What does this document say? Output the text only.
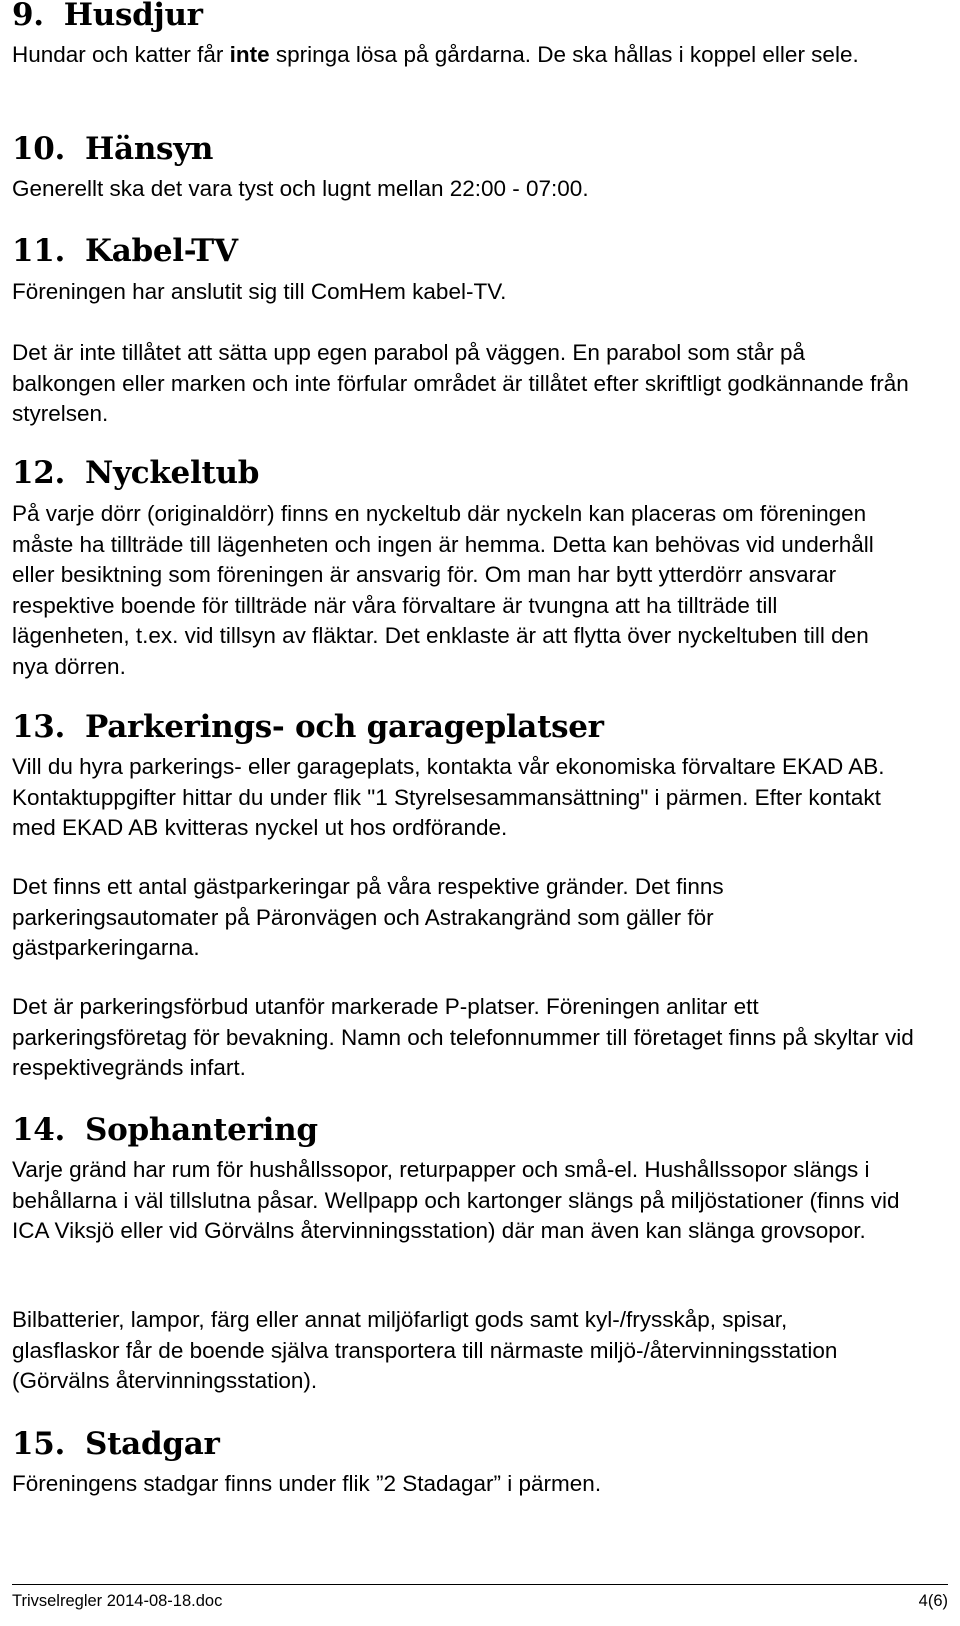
9. Husdjur

Hundar och katter får inte springa lösa på gårdarna. De ska hållas i koppel eller sele.

10. Hänsyn

Generellt ska det vara tyst och lugnt mellan 22:00 - 07:00.

11. Kabel-TV

Föreningen har anslutit sig till ComHem kabel-TV.

Det är inte tillåtet att sätta upp egen parabol på väggen. En parabol som står på balkongen eller marken och inte förfular området är tillåtet efter skriftligt godkännande från styrelsen.

12. Nyckeltub

På varje dörr (originaldörr) finns en nyckeltub där nyckeln kan placeras om föreningen måste ha tillträde till lägenheten och ingen är hemma. Detta kan behövas vid underhåll eller besiktning som föreningen är ansvarig för. Om man har bytt ytterdörr ansvarar respektive boende för tillträde när våra förvaltare är tvungna att ha tillträde till lägenheten, t.ex. vid tillsyn av fläktar. Det enklaste är att flytta över nyckeltuben till den nya dörren.

13. Parkerings- och garageplatser

Vill du hyra parkerings- eller garageplats, kontakta vår ekonomiska förvaltare EKAD AB. Kontaktuppgifter hittar du under flik "1 Styrelsesammansättning" i pärmen. Efter kontakt med EKAD AB kvitteras nyckel ut hos ordförande.

Det finns ett antal gästparkeringar på våra respektive gränder. Det finns parkeringsautomater på Päronvägen och Astrakangränd som gäller för gästparkeringarna.

Det är parkeringsförbud utanför markerade P-platser. Föreningen anlitar ett parkeringsföretag för bevakning. Namn och telefonnummer till företaget finns på skyltar vid respektivegränds infart.

14. Sophantering

Varje gränd har rum för hushållssopor, returpapper och små-el. Hushållssopor slängs i behållarna i väl tillslutna påsar. Wellpapp och kartonger slängs på miljöstationer (finns vid ICA Viksjö eller vid Görvälns återvinningsstation) där man även kan slänga grovsopor.

Bilbatterier, lampor, färg eller annat miljöfarligt gods samt kyl-/frysskåp, spisar, glasflaskor får de boende själva transportera till närmaste miljö-/återvinningsstation (Görvälns återvinningsstation).

15. Stadgar

Föreningens stadgar finns under flik ”2 Stadagar” i pärmen.

Trivselregler 2014-08-18.doc	4(6)
